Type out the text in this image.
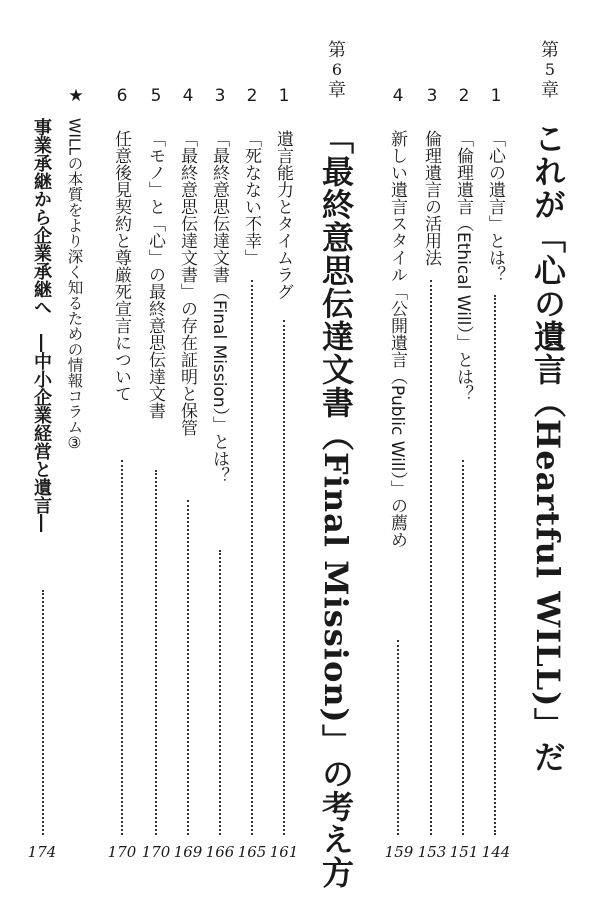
第
5
章
これが「心の遺言（Heartful WILL)」だ
1
「心の遺言」とは？
144
2
「倫理遺言（Ethical Will）」とは？
151
3
倫理遺言の活用法
153
4
新しい遺言スタイル「公開遺言（Public Will）」の薦め
159
第
6
章
「最終意思伝達文書（Final Mission)」の考え方
1
遺言能力とタイムラグ
161
2
「死なない不幸」
165
3
「最終意思伝達文書（Final Mission）」とは？
166
4
「最終意思伝達文書」の存在証明と保管
169
5
「モノ」と「心」の最終意思伝達文書
170
6
任意後見契約と尊厳死宣言について
170
★
WILLの本質をより深く知るための情報コラム③
事業承継から企業承継へ　―中小企業経営と遺言―
174
